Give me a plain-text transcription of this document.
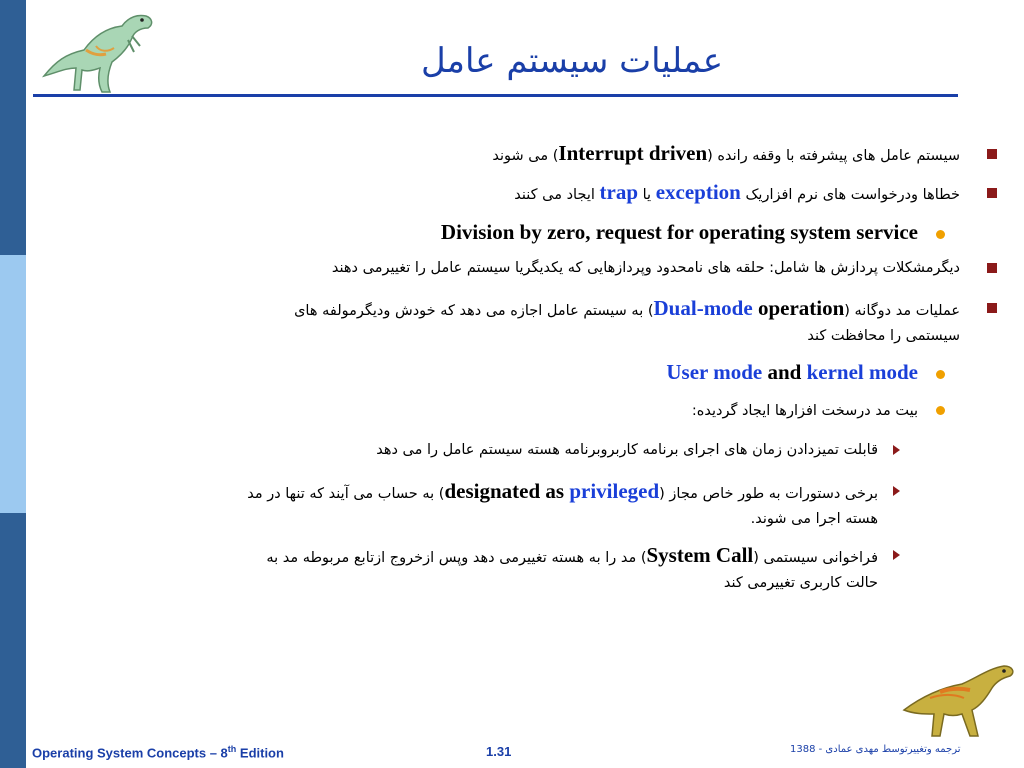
عملیات سیستم عامل
سیستم عامل های پیشرفته با وقفه رانده (Interrupt driven) می شوند
خطاها ودرخواست های نرم افزاریک exception یا trap ایجاد می کنند
Division by zero, request for operating system service
دیگرمشکلات پردازش ها شامل: حلقه های نامحدود وپردازهایی که یکدیگریا سیستم عامل را تغییرمی دهند
عملیات مد دوگانه (Dual-mode operation) به سیستم عامل اجازه می دهد که خودش ودیگرمولفه های
سیستمی را محافظت کند
User mode and kernel mode
بیت مد درسخت افزارها ایجاد گردیده:
قابلت تمیزدادن زمان های اجرای برنامه کاربروبرنامه هسته سیستم عامل را می دهد
برخی دستورات به طور خاص مجاز (designated as privileged) به حساب می آیند که تنها در مد
هسته اجرا می شوند.
فراخوانی سیستمی (System Call) مد را به هسته تغییرمی دهد وپس ازخروج ازتابع مربوطه مد به
حالت کاربری تغییرمی کند
Operating System Concepts – 8th Edition	1.31	ترجمه وتغییرتوسط مهدی عمادی - 1388
